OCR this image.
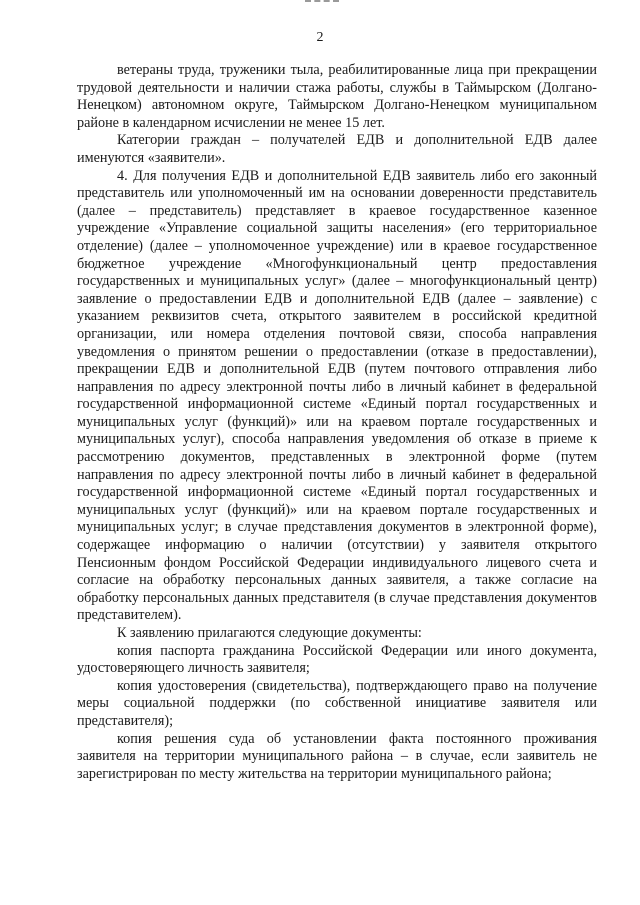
2

ветераны труда, труженики тыла, реабилитированные лица при прекращении трудовой деятельности и наличии стажа работы, службы в Таймырском (Долгано-Ненецком) автономном округе, Таймырском Долгано-Ненецком муниципальном районе в календарном исчислении не менее 15 лет.

Категории граждан – получателей ЕДВ и дополнительной ЕДВ далее именуются «заявители».

4. Для получения ЕДВ и дополнительной ЕДВ заявитель либо его законный представитель или уполномоченный им на основании доверенности представитель (далее – представитель) представляет в краевое государственное казенное учреждение «Управление социальной защиты населения» (его территориальное отделение) (далее – уполномоченное учреждение) или в краевое государственное бюджетное учреждение «Многофункциональный центр предоставления государственных и муниципальных услуг» (далее – многофункциональный центр) заявление о предоставлении ЕДВ и дополнительной ЕДВ (далее – заявление) с указанием реквизитов счета, открытого заявителем в российской кредитной организации, или номера отделения почтовой связи, способа направления уведомления о принятом решении о предоставлении (отказе в предоставлении), прекращении ЕДВ и дополнительной ЕДВ (путем почтового отправления либо направления по адресу электронной почты либо в личный кабинет в федеральной государственной информационной системе «Единый портал государственных и муниципальных услуг (функций)» или на краевом портале государственных и муниципальных услуг), способа направления уведомления об отказе в приеме к рассмотрению документов, представленных в электронной форме (путем направления по адресу электронной почты либо в личный кабинет в федеральной государственной информационной системе «Единый портал государственных и муниципальных услуг (функций)» или на краевом портале государственных и муниципальных услуг; в случае представления документов в электронной форме), содержащее информацию о наличии (отсутствии) у заявителя открытого Пенсионным фондом Российской Федерации индивидуального лицевого счета и согласие на обработку персональных данных заявителя, а также согласие на обработку персональных данных представителя (в случае представления документов представителем).

К заявлению прилагаются следующие документы:

копия паспорта гражданина Российской Федерации или иного документа, удостоверяющего личность заявителя;

копия удостоверения (свидетельства), подтверждающего право на получение меры социальной поддержки (по собственной инициативе заявителя или представителя);

копия решения суда об установлении факта постоянного проживания заявителя на территории муниципального района – в случае, если заявитель не зарегистрирован по месту жительства на территории муниципального района;
